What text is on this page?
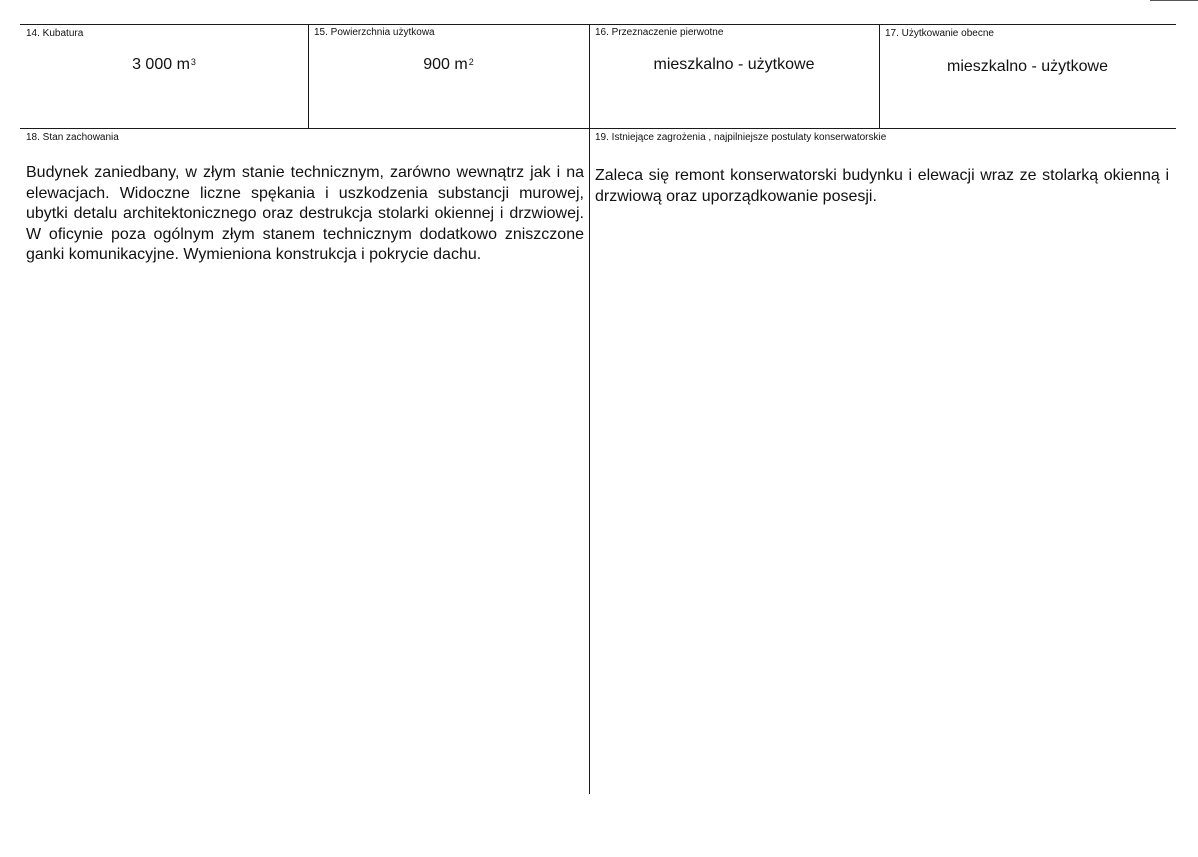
14. Kubatura
3 000 $m^3$
15. Powierzchnia użytkowa
900 $m^2$
16. Przeznaczenie pierwotne
mieszkalno - użytkowe
17. Użytkowanie obecne
mieszkalno - użytkowe
18. Stan zachowania
Budynek zaniedbany, w złym stanie technicznym, zarówno wewnątrz jak i na elewacjach. Widoczne liczne spękania i uszkodzenia substancji murowej, ubytki detalu architektonicznego oraz destrukcja stolarki okiennej i drzwiowej. W oficynie poza ogólnym złym stanem technicznym dodatkowo zniszczone ganki komunikacyjne. Wymieniona konstrukcja i pokrycie dachu.
19. Istniejące zagrożenia , najpilniejsze postulaty konserwatorskie
Zaleca się remont konserwatorski budynku i elewacji wraz ze stolarką okienną i drzwiową oraz uporządkowanie posesji.
